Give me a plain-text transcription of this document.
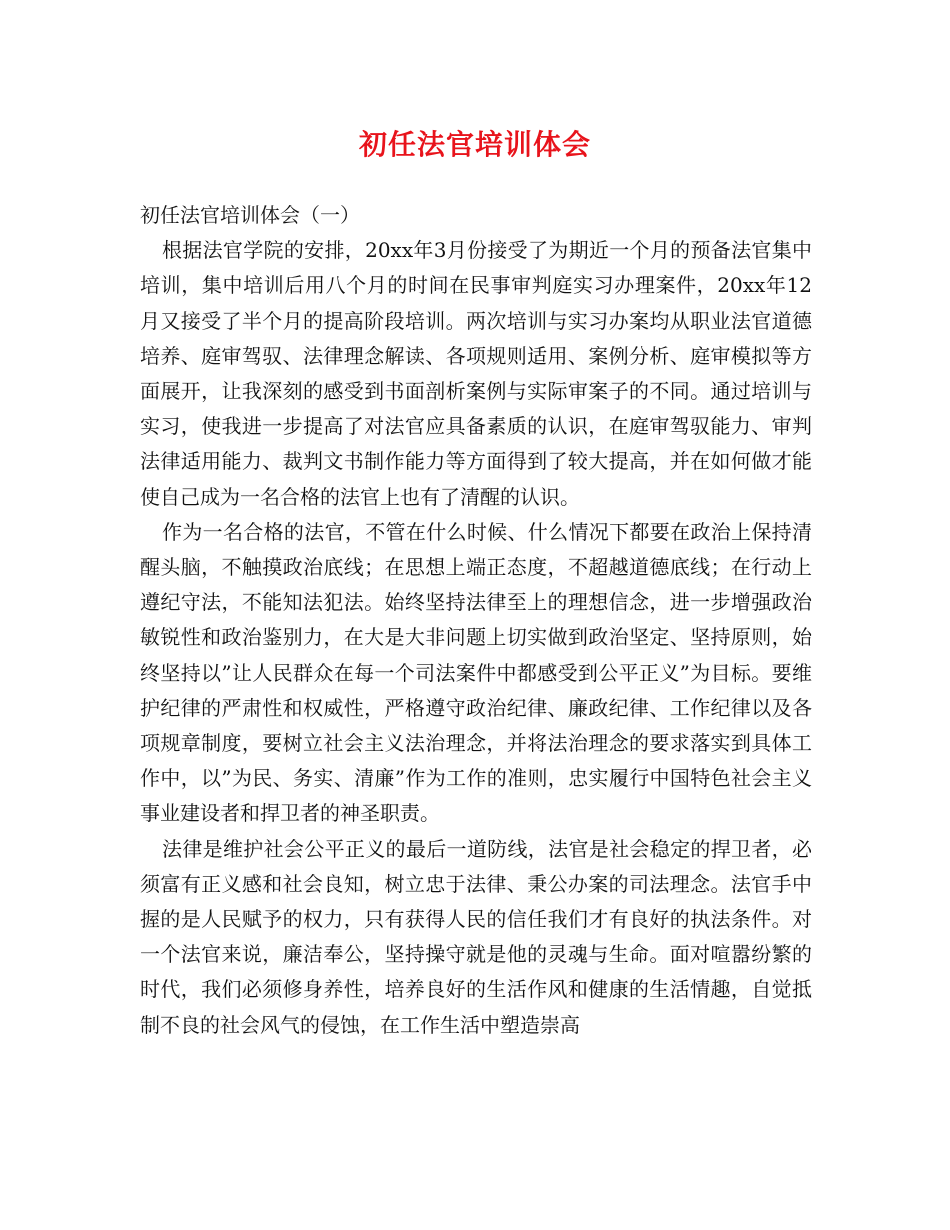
初任法官培训体会

初任法官培训体会（一）

根据法官学院的安排，20xx年3月份接受了为期近一个月的预备法官集中培训，集中培训后用八个月的时间在民事审判庭实习办理案件，20xx年12月又接受了半个月的提高阶段培训。两次培训与实习办案均从职业法官道德培养、庭审驾驭、法律理念解读、各项规则适用、案例分析、庭审模拟等方面展开，让我深刻的感受到书面剖析案例与实际审案子的不同。通过培训与实习，使我进一步提高了对法官应具备素质的认识，在庭审驾驭能力、审判法律适用能力、裁判文书制作能力等方面得到了较大提高，并在如何做才能使自己成为一名合格的法官上也有了清醒的认识。

作为一名合格的法官，不管在什么时候、什么情况下都要在政治上保持清醒头脑，不触摸政治底线；在思想上端正态度，不超越道德底线；在行动上遵纪守法，不能知法犯法。始终坚持法律至上的理想信念，进一步增强政治敏锐性和政治鉴别力，在大是大非问题上切实做到政治坚定、坚持原则，始终坚持以”让人民群众在每一个司法案件中都感受到公平正义”为目标。要维护纪律的严肃性和权威性，严格遵守政治纪律、廉政纪律、工作纪律以及各项规章制度，要树立社会主义法治理念，并将法治理念的要求落实到具体工作中，以”为民、务实、清廉”作为工作的准则，忠实履行中国特色社会主义事业建设者和捍卫者的神圣职责。

法律是维护社会公平正义的最后一道防线，法官是社会稳定的捍卫者，必须富有正义感和社会良知，树立忠于法律、秉公办案的司法理念。法官手中握的是人民赋予的权力，只有获得人民的信任我们才有良好的执法条件。对一个法官来说，廉洁奉公，坚持操守就是他的灵魂与生命。面对喧嚣纷繁的时代，我们必须修身养性，培养良好的生活作风和健康的生活情趣，自觉抵制不良的社会风气的侵蚀，在工作生活中塑造崇高
